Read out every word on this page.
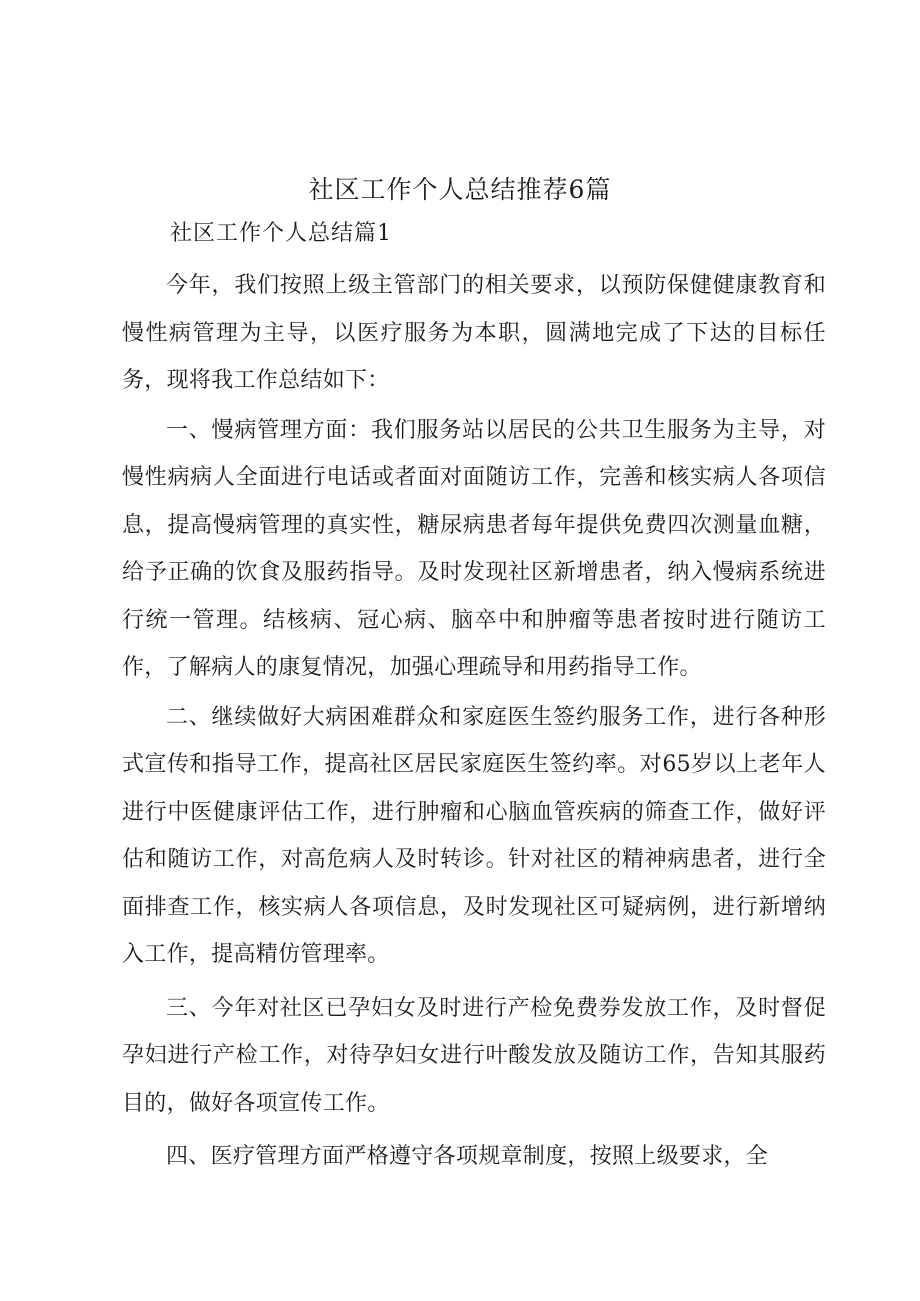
社区工作个人总结推荐6篇

社区工作个人总结篇1

今年，我们按照上级主管部门的相关要求，以预防保健健康教育和慢性病管理为主导，以医疗服务为本职，圆满地完成了下达的目标任务，现将我工作总结如下：

一、慢病管理方面：我们服务站以居民的公共卫生服务为主导，对慢性病病人全面进行电话或者面对面随访工作，完善和核实病人各项信息，提高慢病管理的真实性，糖尿病患者每年提供免费四次测量血糖，给予正确的饮食及服药指导。及时发现社区新增患者，纳入慢病系统进行统一管理。结核病、冠心病、脑卒中和肿瘤等患者按时进行随访工作，了解病人的康复情况，加强心理疏导和用药指导工作。

二、继续做好大病困难群众和家庭医生签约服务工作，进行各种形式宣传和指导工作，提高社区居民家庭医生签约率。对65岁以上老年人进行中医健康评估工作，进行肿瘤和心脑血管疾病的筛查工作，做好评估和随访工作，对高危病人及时转诊。针对社区的精神病患者，进行全面排查工作，核实病人各项信息，及时发现社区可疑病例，进行新增纳入工作，提高精仿管理率。

三、今年对社区已孕妇女及时进行产检免费券发放工作，及时督促孕妇进行产检工作，对待孕妇女进行叶酸发放及随访工作，告知其服药目的，做好各项宣传工作。

四、医疗管理方面严格遵守各项规章制度，按照上级要求，全
